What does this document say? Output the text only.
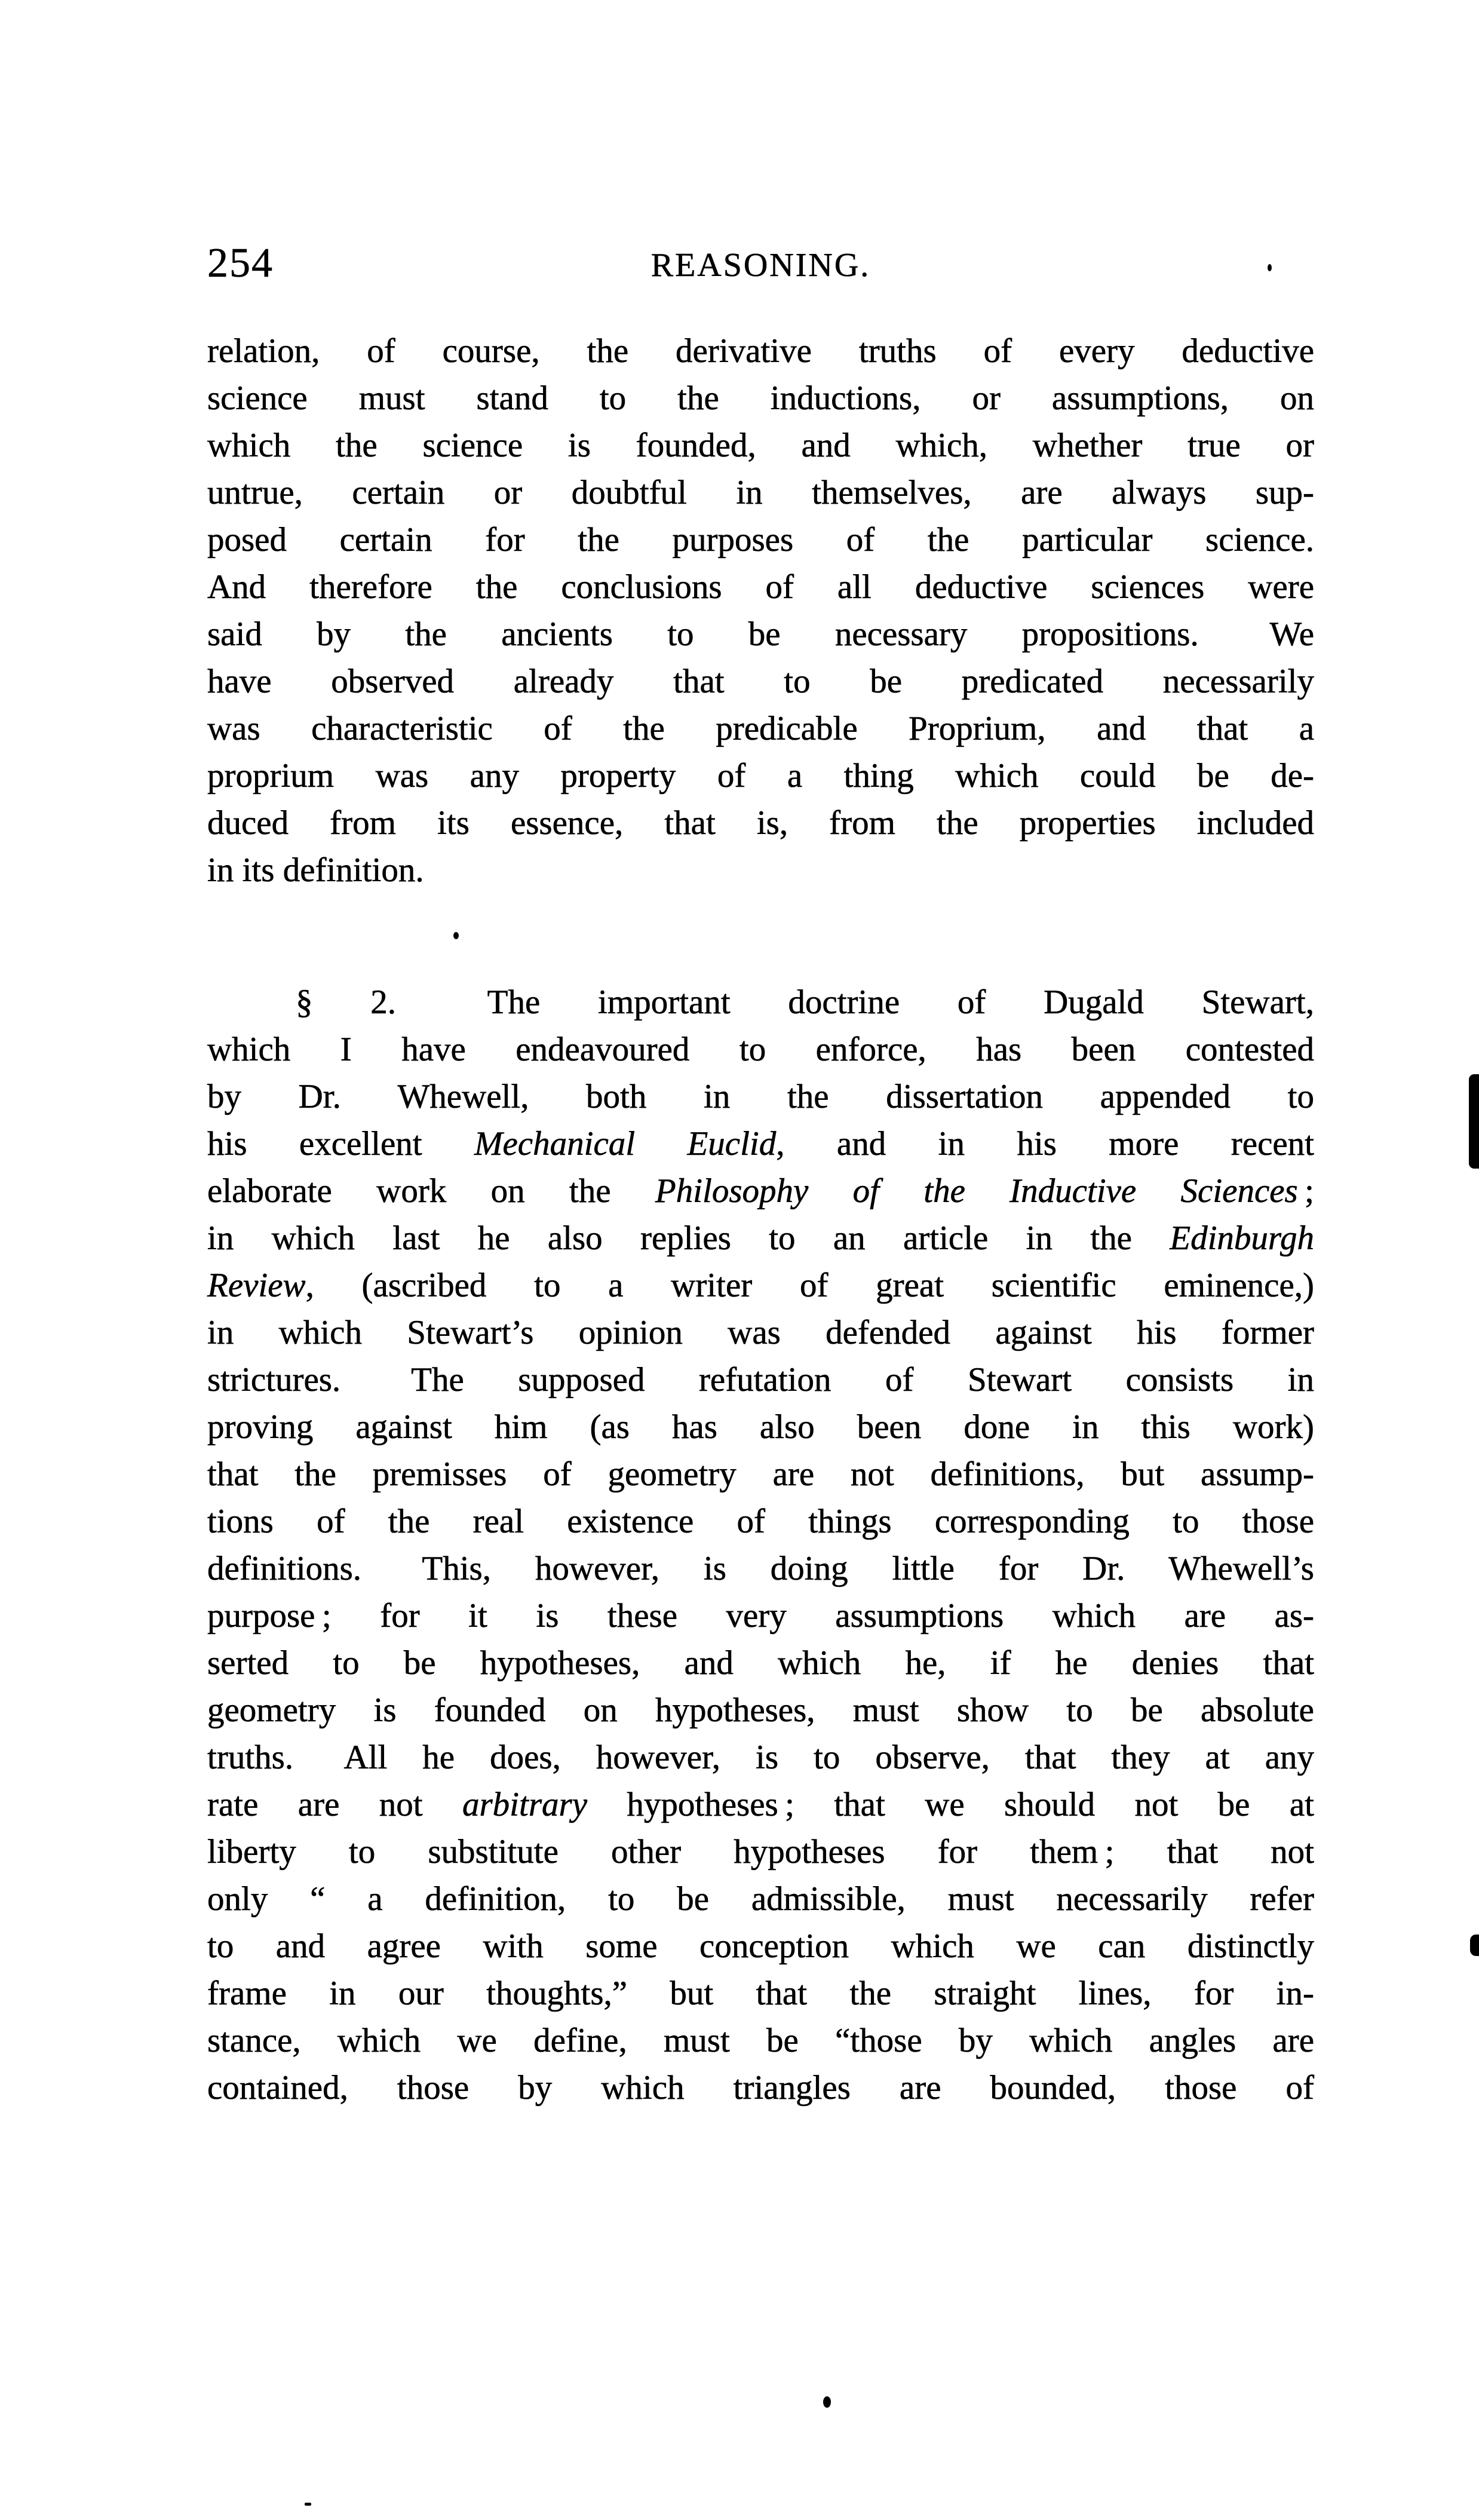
254	REASONING.
relation, of course, the derivative truths of every deductive
science must stand to the inductions, or assumptions, on
which the science is founded, and which, whether true or
untrue, certain or doubtful in themselves, are always sup-
posed certain for the purposes of the particular science.
And therefore the conclusions of all deductive sciences were
said by the ancients to be necessary propositions.  We
have observed already that to be predicated necessarily
was characteristic of the predicable Proprium, and that a
proprium was any property of a thing which could be de-
duced from its essence, that is, from the properties included
in its definition.
§ 2.  The important doctrine of Dugald Stewart,
which I have endeavoured to enforce, has been contested
by Dr. Whewell, both in the dissertation appended to
his excellent Mechanical Euclid, and in his more recent
elaborate work on the Philosophy of the Inductive Sciences ;
in which last he also replies to an article in the Edinburgh
Review, (ascribed to a writer of great scientific eminence,)
in which Stewart’s opinion was defended against his former
strictures.  The supposed refutation of Stewart consists in
proving against him (as has also been done in this work)
that the premisses of geometry are not definitions, but assump-
tions of the real existence of things corresponding to those
definitions.  This, however, is doing little for Dr. Whewell’s
purpose ; for it is these very assumptions which are as-
serted to be hypotheses, and which he, if he denies that
geometry is founded on hypotheses, must show to be absolute
truths.  All he does, however, is to observe, that they at any
rate are not arbitrary hypotheses ; that we should not be at
liberty to substitute other hypotheses for them ; that not
only “ a definition, to be admissible, must necessarily refer
to and agree with some conception which we can distinctly
frame in our thoughts,” but that the straight lines, for in-
stance, which we define, must be “those by which angles are
contained, those by which triangles are bounded, those of
